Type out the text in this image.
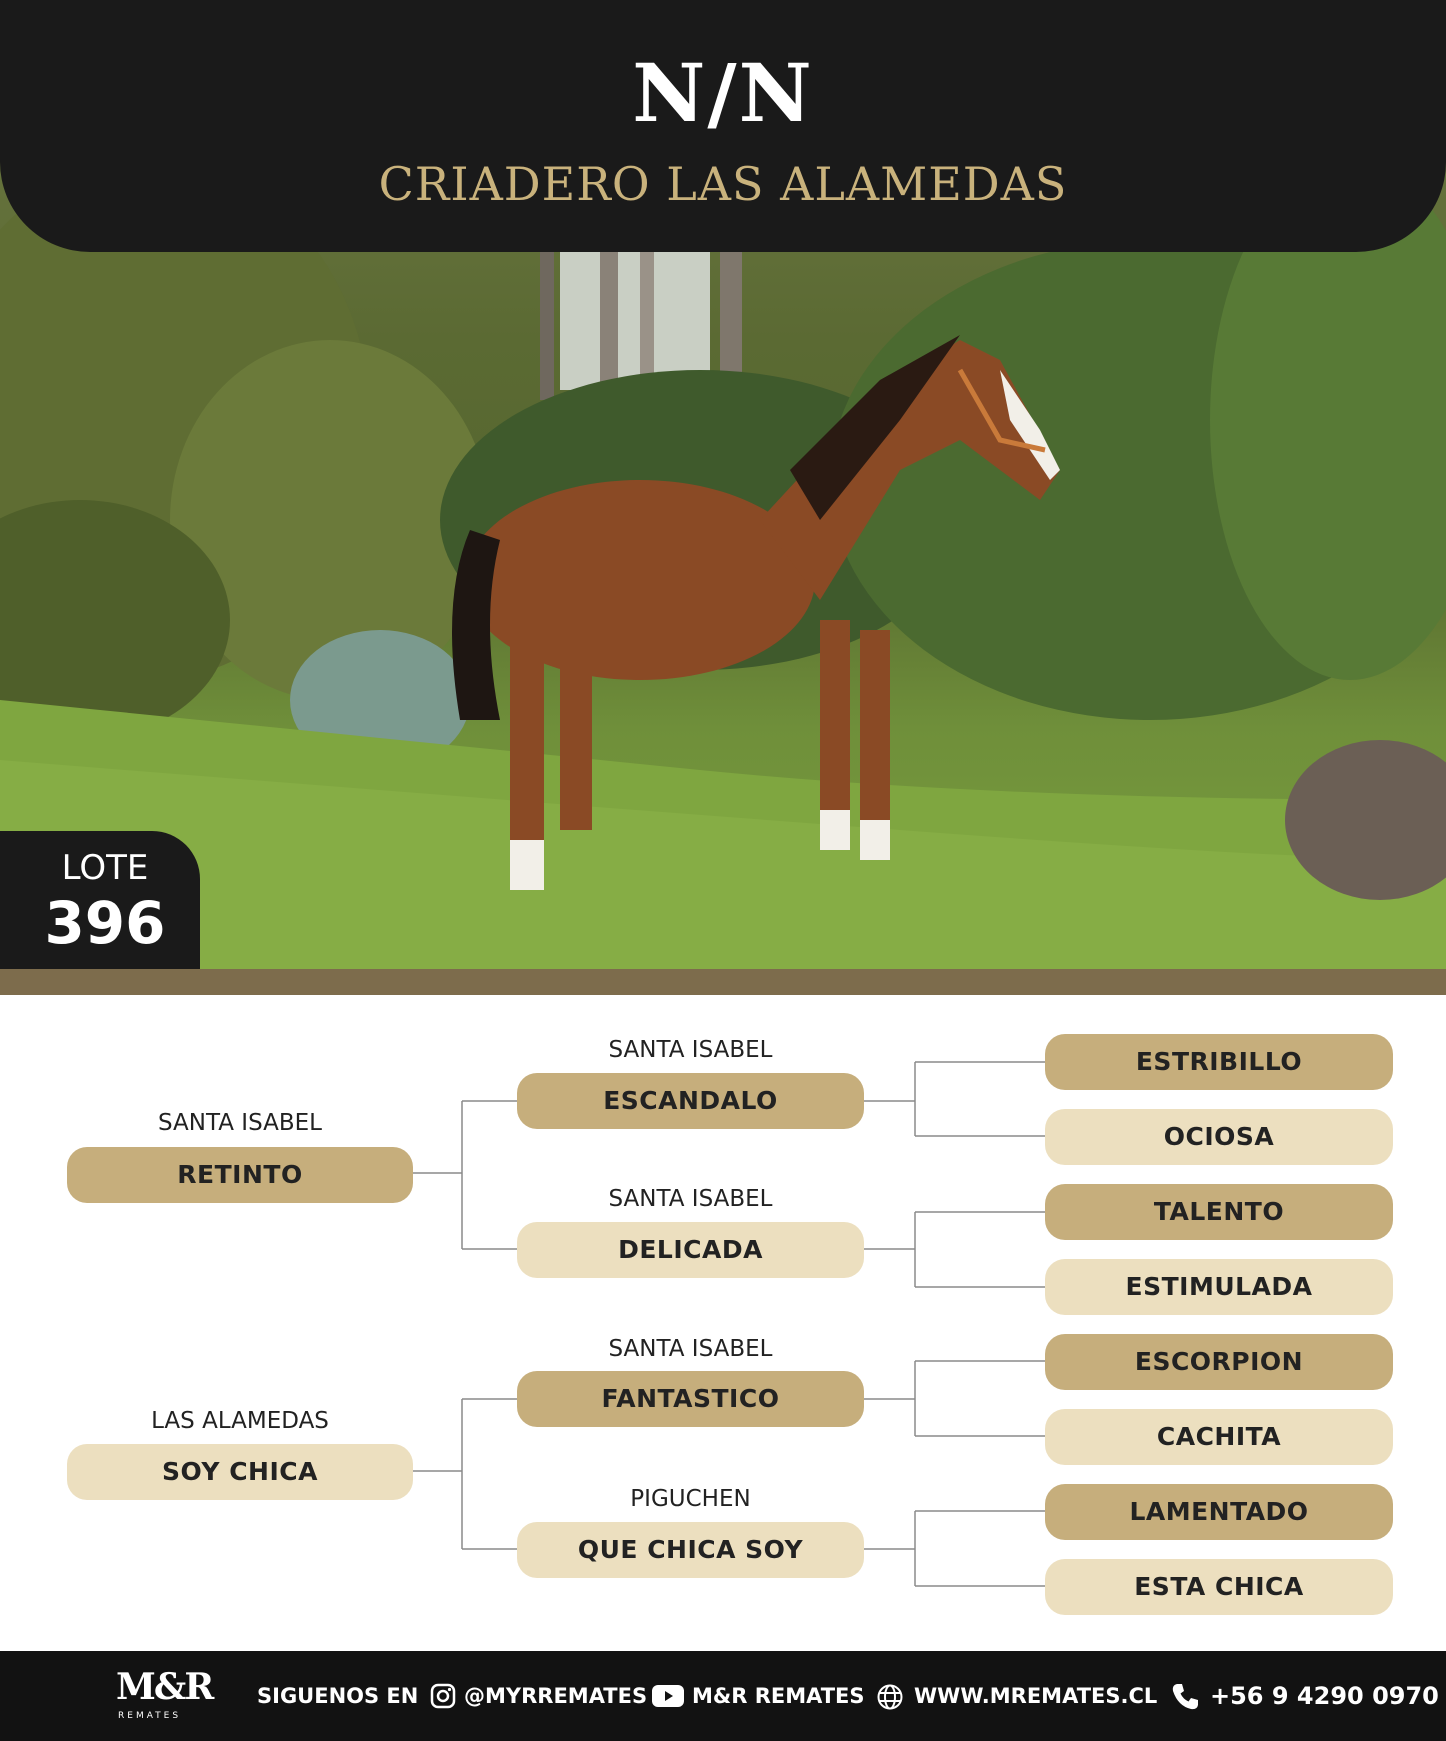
N/N
CRIADERO LAS ALAMEDAS
LOTE
396
SANTA ISABEL
RETINTO
LAS ALAMEDAS
SOY CHICA
SANTA ISABEL
ESCANDALO
SANTA ISABEL
DELICADA
SANTA ISABEL
FANTASTICO
PIGUCHEN
QUE CHICA SOY
ESTRIBILLO
OCIOSA
TALENTO
ESTIMULADA
ESCORPION
CACHITA
LAMENTADO
ESTA CHICA
M&R
REMATES
SIGUENOS EN @MYRREMATES M&R REMATES WWW.MREMATES.CL +56 9 4290 0970
